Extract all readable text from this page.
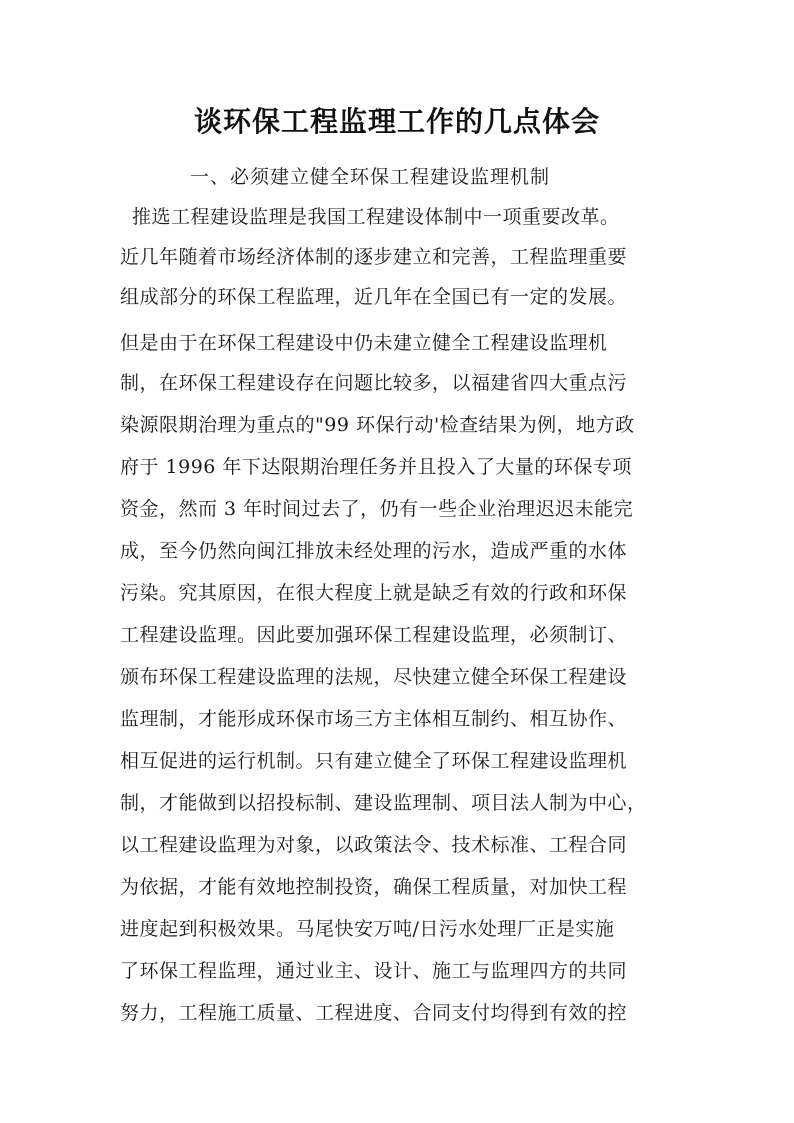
谈环保工程监理工作的几点体会

一、必须建立健全环保工程建设监理机制

推选工程建设监理是我国工程建设体制中一项重要改革。
近几年随着市场经济体制的逐步建立和完善，工程监理重要
组成部分的环保工程监理，近几年在全国已有一定的发展。
但是由于在环保工程建设中仍未建立健全工程建设监理机
制，在环保工程建设存在问题比较多，以福建省四大重点污
染源限期治理为重点的"99 环保行动'检查结果为例，地方政
府于 1996 年下达限期治理任务并且投入了大量的环保专项
资金，然而 3 年时间过去了，仍有一些企业治理迟迟未能完
成，至今仍然向闽江排放未经处理的污水，造成严重的水体
污染。究其原因，在很大程度上就是缺乏有效的行政和环保
工程建设监理。因此要加强环保工程建设监理，必须制订、
颁布环保工程建设监理的法规，尽快建立健全环保工程建设
监理制，才能形成环保市场三方主体相互制约、相互协作、
相互促进的运行机制。只有建立健全了环保工程建设监理机
制，才能做到以招投标制、建设监理制、项目法人制为中心，
以工程建设监理为对象，以政策法令、技术标准、工程合同
为依据，才能有效地控制投资，确保工程质量，对加快工程
进度起到积极效果。马尾快安万吨/日污水处理厂正是实施
了环保工程监理，通过业主、设计、施工与监理四方的共同
努力，工程施工质量、工程进度、合同支付均得到有效的控
